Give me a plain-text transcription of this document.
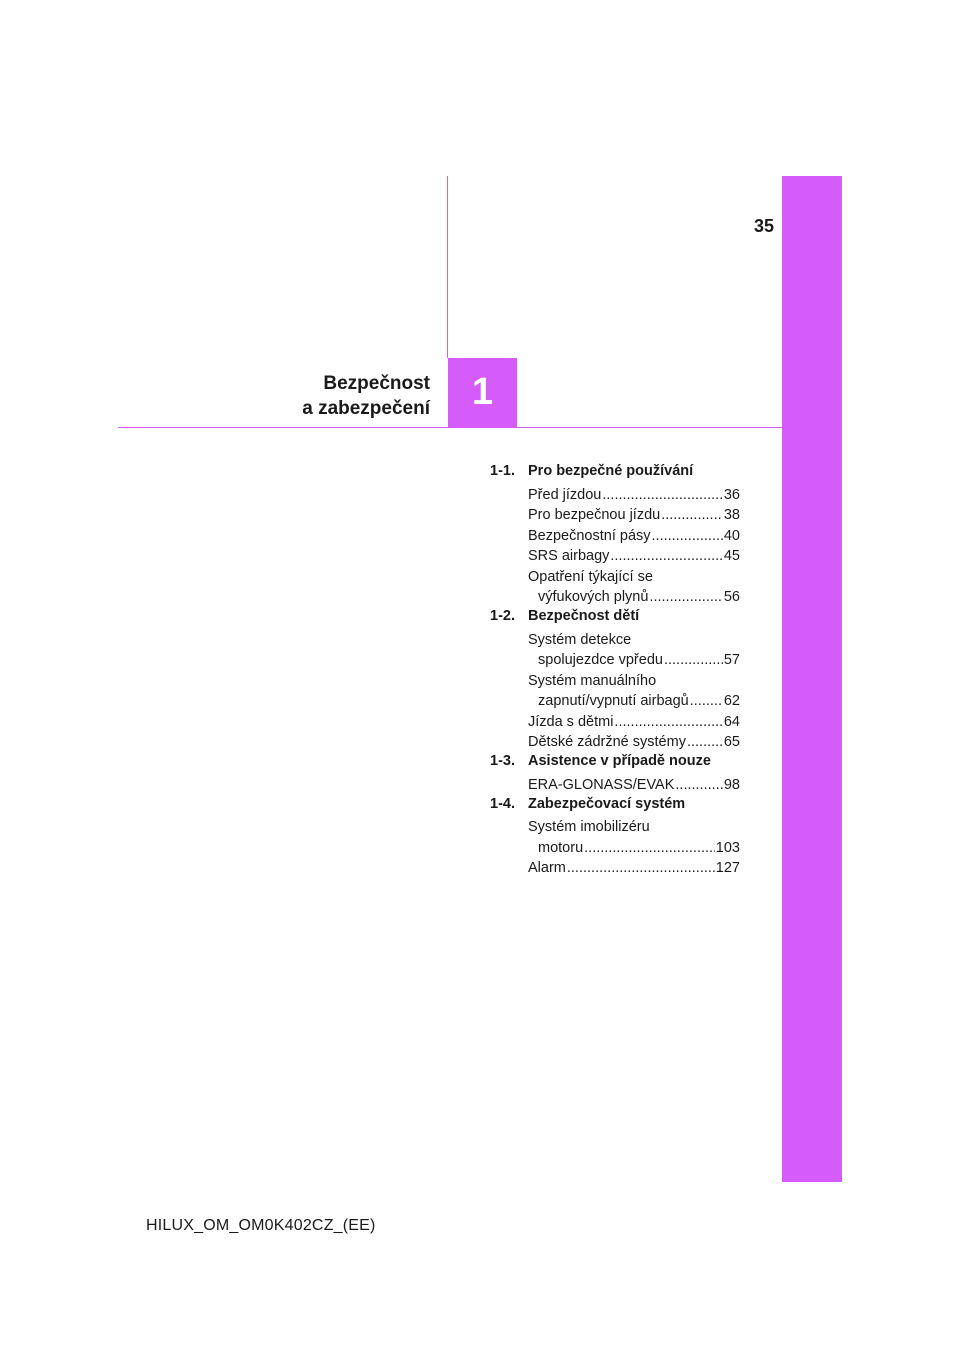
35
Bezpečnost
a zabezpečení 1
1-1. Pro bezpečné používání
Před jízdou .....	36
Pro bezpečnou jízdu .....	38
Bezpečnostní pásy .....	40
SRS airbagy .....	45
Opatření týkající se
výfukových plynů .....	56
1-2. Bezpečnost dětí
Systém detekce
spolujezdce vpředu .....	57
Systém manuálního
zapnutí/vypnutí airbagů ..... 62
Jízda s dětmi .....	64
Dětské zádržné systémy .....	65
1-3. Asistence v případě nouze
ERA-GLONASS/EVAK .....	98
1-4. Zabezpečovací systém
Systém imobilizéru
motoru .....	103
Alarm .....	127
HILUX_OM_OM0K402CZ_(EE)
